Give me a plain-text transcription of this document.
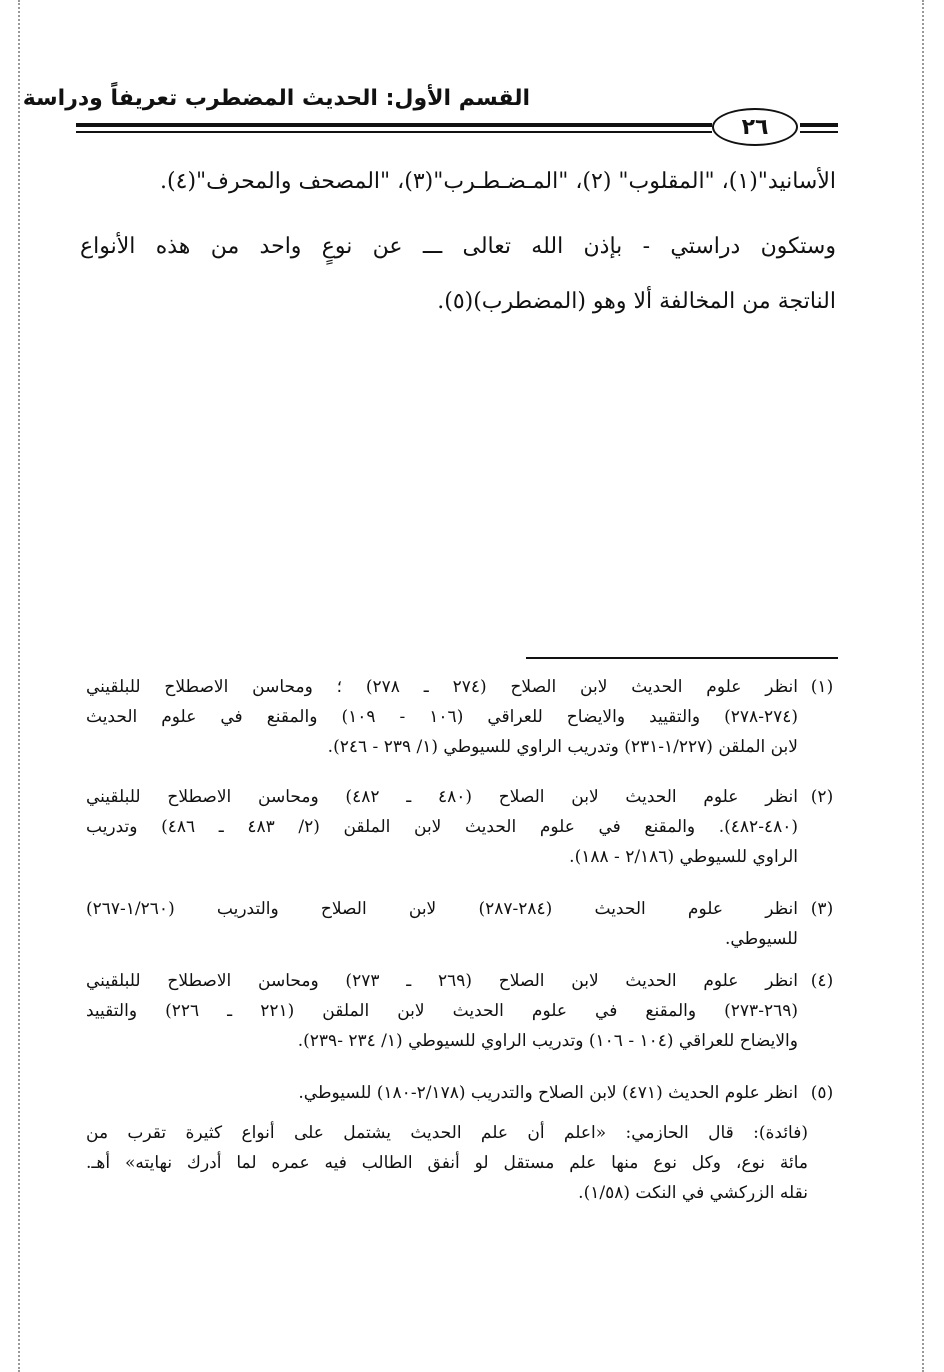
القسم الأول: الحديث المضطرب تعريفاً ودراسة
٢٦
الأسانيد"(١)، "المقلوب" (٢)، "المـضـطـرب"(٣)، "المصحف والمحرف"(٤).
وستكون دراستي - بإذن الله تعالى ـــ عن نوعٍ واحد من هذه الأنواع
الناتجة من المخالفة ألا وهو (المضطرب)(٥).
(١)
انظر علوم الحديث لابن الصلاح (٢٧٤ ـ ٢٧٨) ؛ ومحاسن الاصطلاح للبلقيني
(٢٧٤-٢٧٨) والتقييد والايضاح للعراقي (١٠٦ - ١٠٩) والمقنع في علوم الحديث
لابن الملقن (١/٢٢٧-٢٣١) وتدريب الراوي للسيوطي (١/ ٢٣٩ - ٢٤٦).
(٢)
انظر علوم الحديث لابن الصلاح (٤٨٠ ـ ٤٨٢) ومحاسن الاصطلاح للبلقيني
(٤٨٠-٤٨٢). والمقنع في علوم الحديث لابن الملقن (٢/ ٤٨٣ ـ ٤٨٦) وتدريب
الراوي للسيوطي (٢/١٨٦ - ١٨٨).
(٣)
انظر علوم الحديث (٢٨٤-٢٨٧) لابن الصلاح والتدريب (١/٢٦٠-٢٦٧)
للسيوطي.
(٤)
انظر علوم الحديث لابن الصلاح (٢٦٩ ـ ٢٧٣) ومحاسن الاصطلاح للبلقيني
(٢٦٩-٢٧٣) والمقنع في علوم الحديث لابن الملقن (٢٢١ ـ ٢٢٦) والتقييد
والايضاح للعراقي (١٠٤ - ١٠٦) وتدريب الراوي للسيوطي (١/ ٢٣٤ -٢٣٩).
(٥)
انظر علوم الحديث (٤٧١) لابن الصلاح والتدريب (٢/١٧٨-١٨٠) للسيوطي.
(فائدة): قال الحازمي: «اعلم أن علم الحديث يشتمل على أنواع كثيرة تقرب من
مائة نوع، وكل نوع منها علم مستقل لو أنفق الطالب فيه عمره لما أدرك نهايته» أهـ.
نقله الزركشي في النكت (١/٥٨).
